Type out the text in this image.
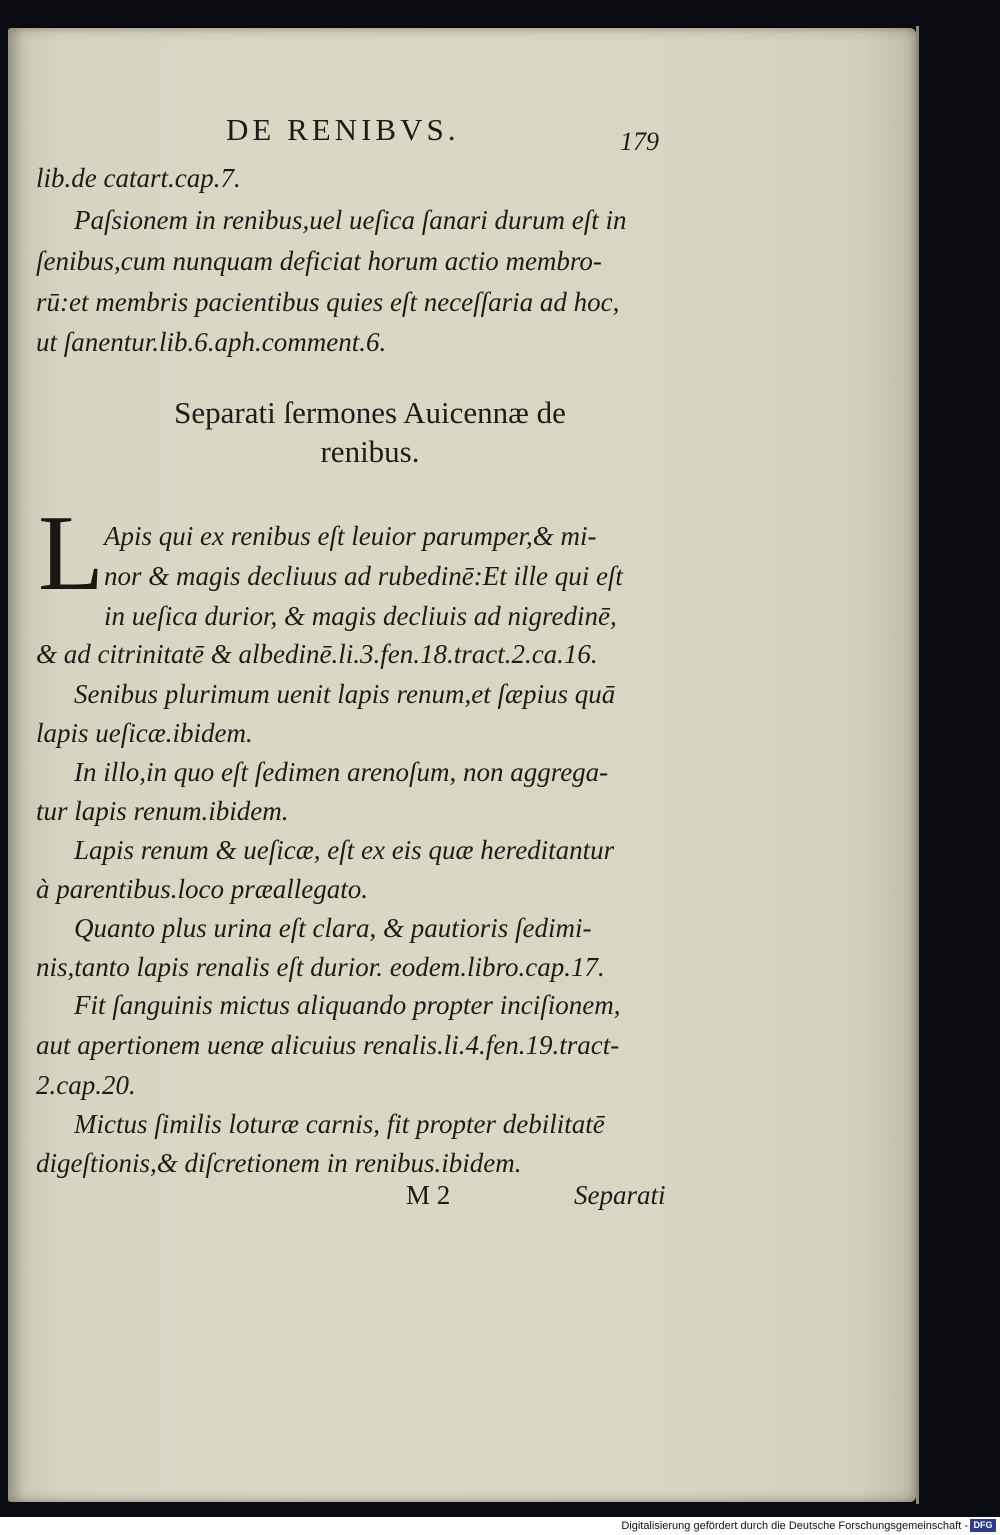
DE RENIBVS.	179
lib.de catart.cap.7.
Paſsionem in renibus,uel ueſica ſanari durum eſt in
ſenibus,cum nunquam deficiat horum actio membro-
rū:et membris pacientibus quies eſt neceſſaria ad hoc,
ut ſanentur.lib.6.aph.comment.6.
Separati ſermones Auicennæ de
renibus.
L Apis qui ex renibus eſt leuior parumper,& mi-
nor & magis decliuus ad rubedinē:Et ille qui eſt
in ueſica durior, & magis decliuis ad nigredinē,
& ad citrinitatē & albedinē.li.3.fen.18.tract.2.ca.16.
Senibus plurimum uenit lapis renum,et ſæpius quā
lapis ueſicæ.ibidem.
In illo,in quo eſt ſedimen arenoſum, non aggrega-
tur lapis renum.ibidem.
Lapis renum & ueſicæ, eſt ex eis quæ hereditantur
à parentibus.loco præallegato.
Quanto plus urina eſt clara, & pautioris ſedimi-
nis,tanto lapis renalis eſt durior. eodem.libro.cap.17.
Fit ſanguinis mictus aliquando propter inciſionem,
aut apertionem uenæ alicuius renalis.li.4.fen.19.tract-
2.cap.20.
Mictus ſimilis loturæ carnis, fit propter debilitatē
digeſtionis,& diſcretionem in renibus.ibidem.
M 2	Separati
Digitalisierung gefördert durch die Deutsche Forschungsgemeinschaft - DFG
